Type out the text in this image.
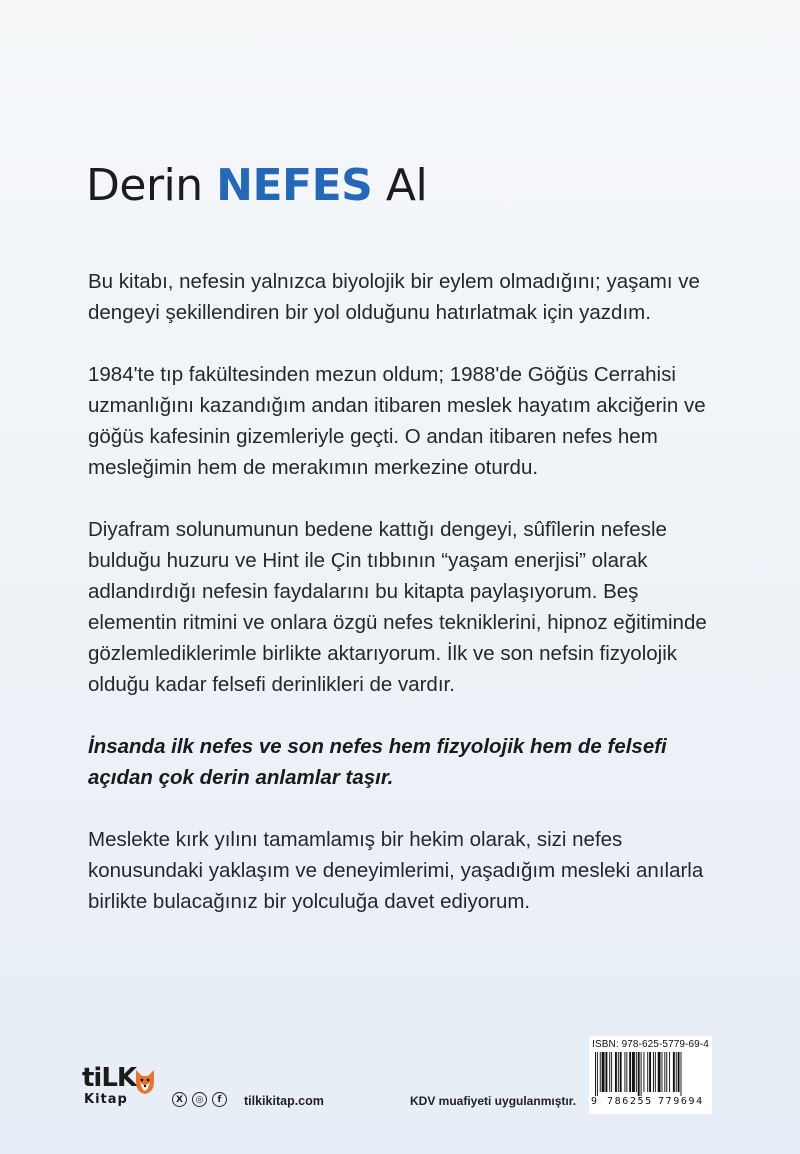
Derin NEFES Al

Bu kitabı, nefesin yalnızca biyolojik bir eylem olmadığını; yaşamı ve dengeyi şekillendiren bir yol olduğunu hatırlatmak için yazdım.

1984'te tıp fakültesinden mezun oldum; 1988'de Göğüs Cerrahisi uzmanlığını kazandığım andan itibaren meslek hayatım akciğerin ve göğüs kafesinin gizemleriyle geçti. O andan itibaren nefes hem mesleğimin hem de merakımın merkezine oturdu.

Diyafram solunumunun bedene kattığı dengeyi, sûfîlerin nefesle bulduğu huzuru ve Hint ile Çin tıbbının “yaşam enerjisi” olarak adlandırdığı nefesin faydalarını bu kitapta paylaşıyorum. Beş elementin ritmini ve onlara özgü nefes tekniklerini, hipnoz eğitiminde gözlemlediklerimle birlikte aktarıyorum. İlk ve son nefsin fizyolojik olduğu kadar felsefi derinlikleri de vardır.

İnsanda ilk nefes ve son nefes hem fizyolojik hem de felsefi açıdan çok derin anlamlar taşır.

Meslekte kırk yılını tamamlamış bir hekim olarak, sizi nefes konusundaki yaklaşım ve deneyimlerimi, yaşadığım mesleki anılarla birlikte bulacağınız bir yolculuğa davet ediyorum.

tiLK
Kitap	X	◎	f	tilkikitap.com	KDV muafiyeti uygulanmıştır.
ISBN: 978-625-5779-69-4
9 786255 779694
